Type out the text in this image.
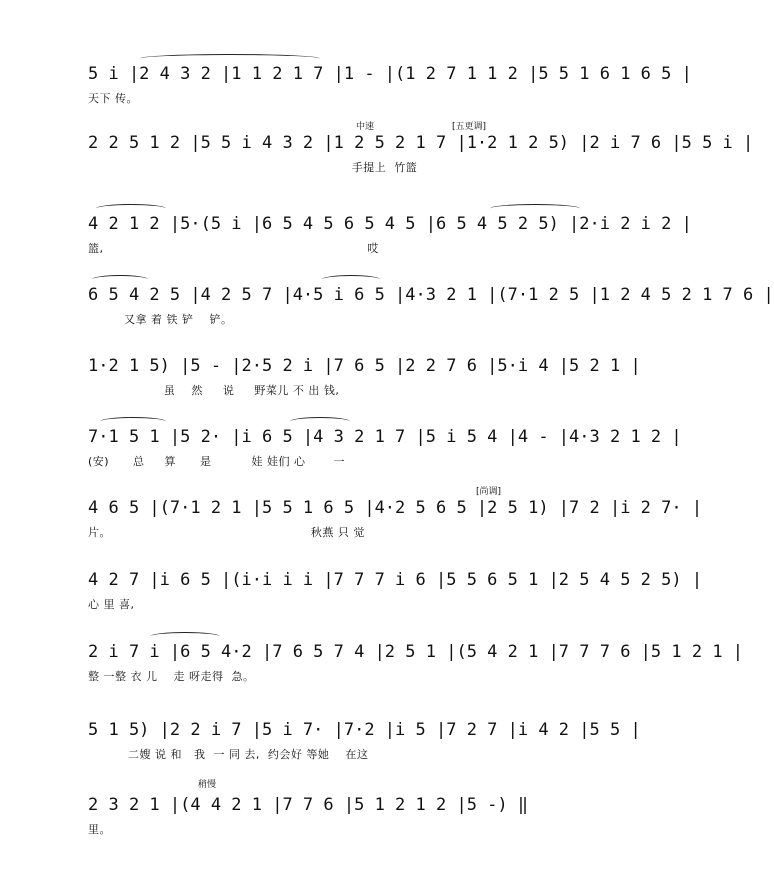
5 i |2 4 3 2 |1 1 2 1 7 |1 - |(1 2 7 1 1 2 |5 5 1 6 1 6 5 |
天下 传。
中速	[五更调]
2 2 5 1 2 |5 5 i 4 3 2 |1 2 5 2 1 7 |1·2 1 2 5) |2 i 7 6 |5 5 i |
手提上  竹篮
4 2 1 2 |5·(5 i |6 5 4 5 6 5 4 5 |6 5 4 5 2 5) |2·i 2 i 2 |
篮,                                                                  哎
6 5 4 2 5 |4 2 5 7 |4·5 i 6 5 |4·3 2 1 |(7·1 2 5 |1 2 4 5 2 1 7 6 |
又拿 着 铁 铲    铲。
1·2 1 5) |5 - |2·5 2 i |7 6 5 |2 2 7 6 |5·i 4 |5 2 1 |
虽    然     说     野菜儿 不 出 钱,
7·1 5 1 |5 2· |i 6 5 |4 3 2 1 7 |5 i 5 4 |4 - |4·3 2 1 2 |
(安)      总     算      是          娃 娃们 心       一
[尚调]
4 6 5 |(7·1 2 1 |5 5 1 6 5 |4·2 5 6 5 |2 5 1) |7 2 |i 2 7· |
片。                                                  秋燕 只 觉
4 2 7 |i 6 5 |(i·i i i |7 7 7 i 6 |5 5 6 5 1 |2 5 4 5 2 5) |
心 里 喜,
2 i 7 i |6 5 4·2 |7 6 5 7 4 |2 5 1 |(5 4 2 1 |7 7 7 6 |5 1 2 1 |
整 一整 衣 儿    走 呀走得  急。
5 1 5) |2 2 i 7 |5 i 7· |7·2 |i 5 |7 2 7 |i 4 2 |5 5 |
二嫂 说 和   我  一 同 去,  约会好 等她    在这
稍慢
2 3 2 1 |(4 4 2 1 |7 7 6 |5 1 2 1 2 |5 -) ‖
里。
